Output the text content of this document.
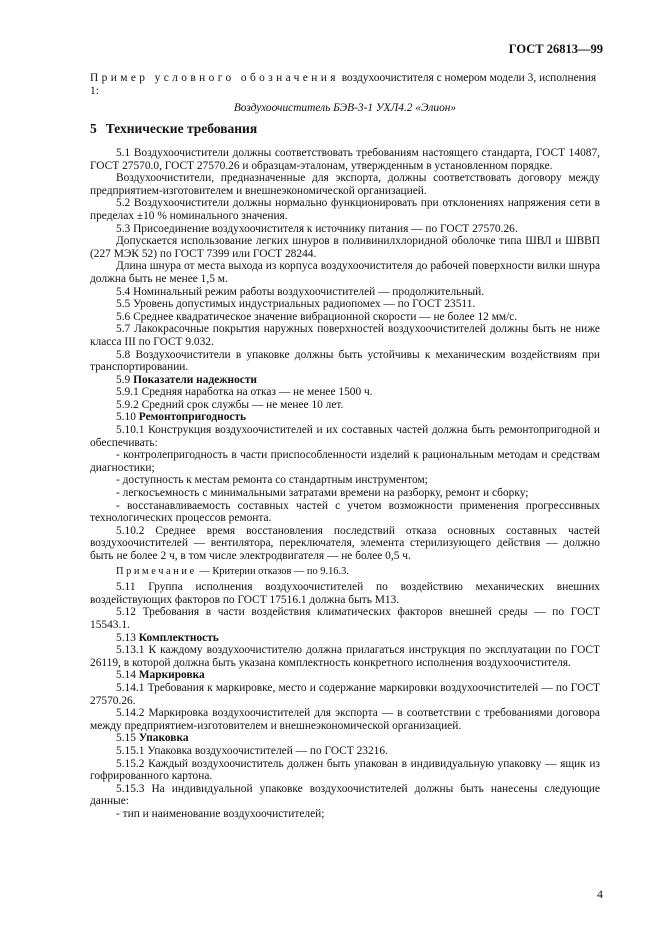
ГОСТ 26813—99
Пример условного обозначения воздухоочистителя с номером модели 3, исполнения 1:
Воздухоочиститель БЭВ-3-1 УХЛ4.2 «Элион»
5 Технические требования

5.1 Воздухоочистители должны соответствовать требованиям настоящего стандарта, ГОСТ 14087, ГОСТ 27570.0, ГОСТ 27570.26 и образцам-эталонам, утвержденным в установленном порядке.

Воздухоочистители, предназначенные для экспорта, должны соответствовать договору между предприятием-изготовителем и внешнеэкономической организацией.

5.2 Воздухоочистители должны нормально функционировать при отклонениях напряжения сети в пределах ±10 % номинального значения.

5.3 Присоединение воздухоочистителя к источнику питания — по ГОСТ 27570.26.

Допускается использование легких шнуров в поливинилхлоридной оболочке типа ШВЛ и ШВВП (227 МЭК 52) по ГОСТ 7399 или ГОСТ 28244.

Длина шнура от места выхода из корпуса воздухоочистителя до рабочей поверхности вилки шнура должна быть не менее 1,5 м.

5.4 Номинальный режим работы воздухоочистителей — продолжительный.

5.5 Уровень допустимых индустриальных радиопомех — по ГОСТ 23511.

5.6 Среднее квадратическое значение вибрационной скорости — не более 12 мм/с.

5.7 Лакокрасочные покрытия наружных поверхностей воздухоочистителей должны быть не ниже класса III по ГОСТ 9.032.

5.8 Воздухоочистители в упаковке должны быть устойчивы к механическим воздействиям при транспортировании.

5.9 Показатели надежности

5.9.1 Средняя наработка на отказ — не менее 1500 ч.

5.9.2 Средний срок службы — не менее 10 лет.

5.10 Ремонтопригодность

5.10.1 Конструкция воздухоочистителей и их составных частей должна быть ремонтопригодной и обеспечивать:

- контролепригодность в части приспособленности изделий к рациональным методам и средствам диагностики;

- доступность к местам ремонта со стандартным инструментом;

- легкосъемность с минимальными затратами времени на разборку, ремонт и сборку;

- восстанавливаемость составных частей с учетом возможности применения прогрессивных технологических процессов ремонта.

5.10.2 Среднее время восстановления последствий отказа основных составных частей воздухоочистителей — вентилятора, переключателя, элемента стерилизующего действия — должно быть не более 2 ч, в том числе электродвигателя — не более 0,5 ч.

Примечание — Критерии отказов — по 9.16.3.

5.11 Группа исполнения воздухоочистителей по воздействию механических внешних воздействующих факторов по ГОСТ 17516.1 должна быть М13.

5.12 Требования в части воздействия климатических факторов внешней среды — по ГОСТ 15543.1.

5.13 Комплектность

5.13.1 К каждому воздухоочистителю должна прилагаться инструкция по эксплуатации по ГОСТ 26119, в которой должна быть указана комплектность конкретного исполнения воздухоочистителя.

5.14 Маркировка

5.14.1 Требования к маркировке, место и содержание маркировки воздухоочистителей — по ГОСТ 27570.26.

5.14.2 Маркировка воздухоочистителей для экспорта — в соответствии с требованиями договора между предприятием-изготовителем и внешнеэкономической организацией.

5.15 Упаковка

5.15.1 Упаковка воздухоочистителей — по ГОСТ 23216.

5.15.2 Каждый воздухоочиститель должен быть упакован в индивидуальную упаковку — ящик из гофрированного картона.

5.15.3 На индивидуальной упаковке воздухоочистителей должны быть нанесены следующие данные:

- тип и наименование воздухоочистителей;

4
